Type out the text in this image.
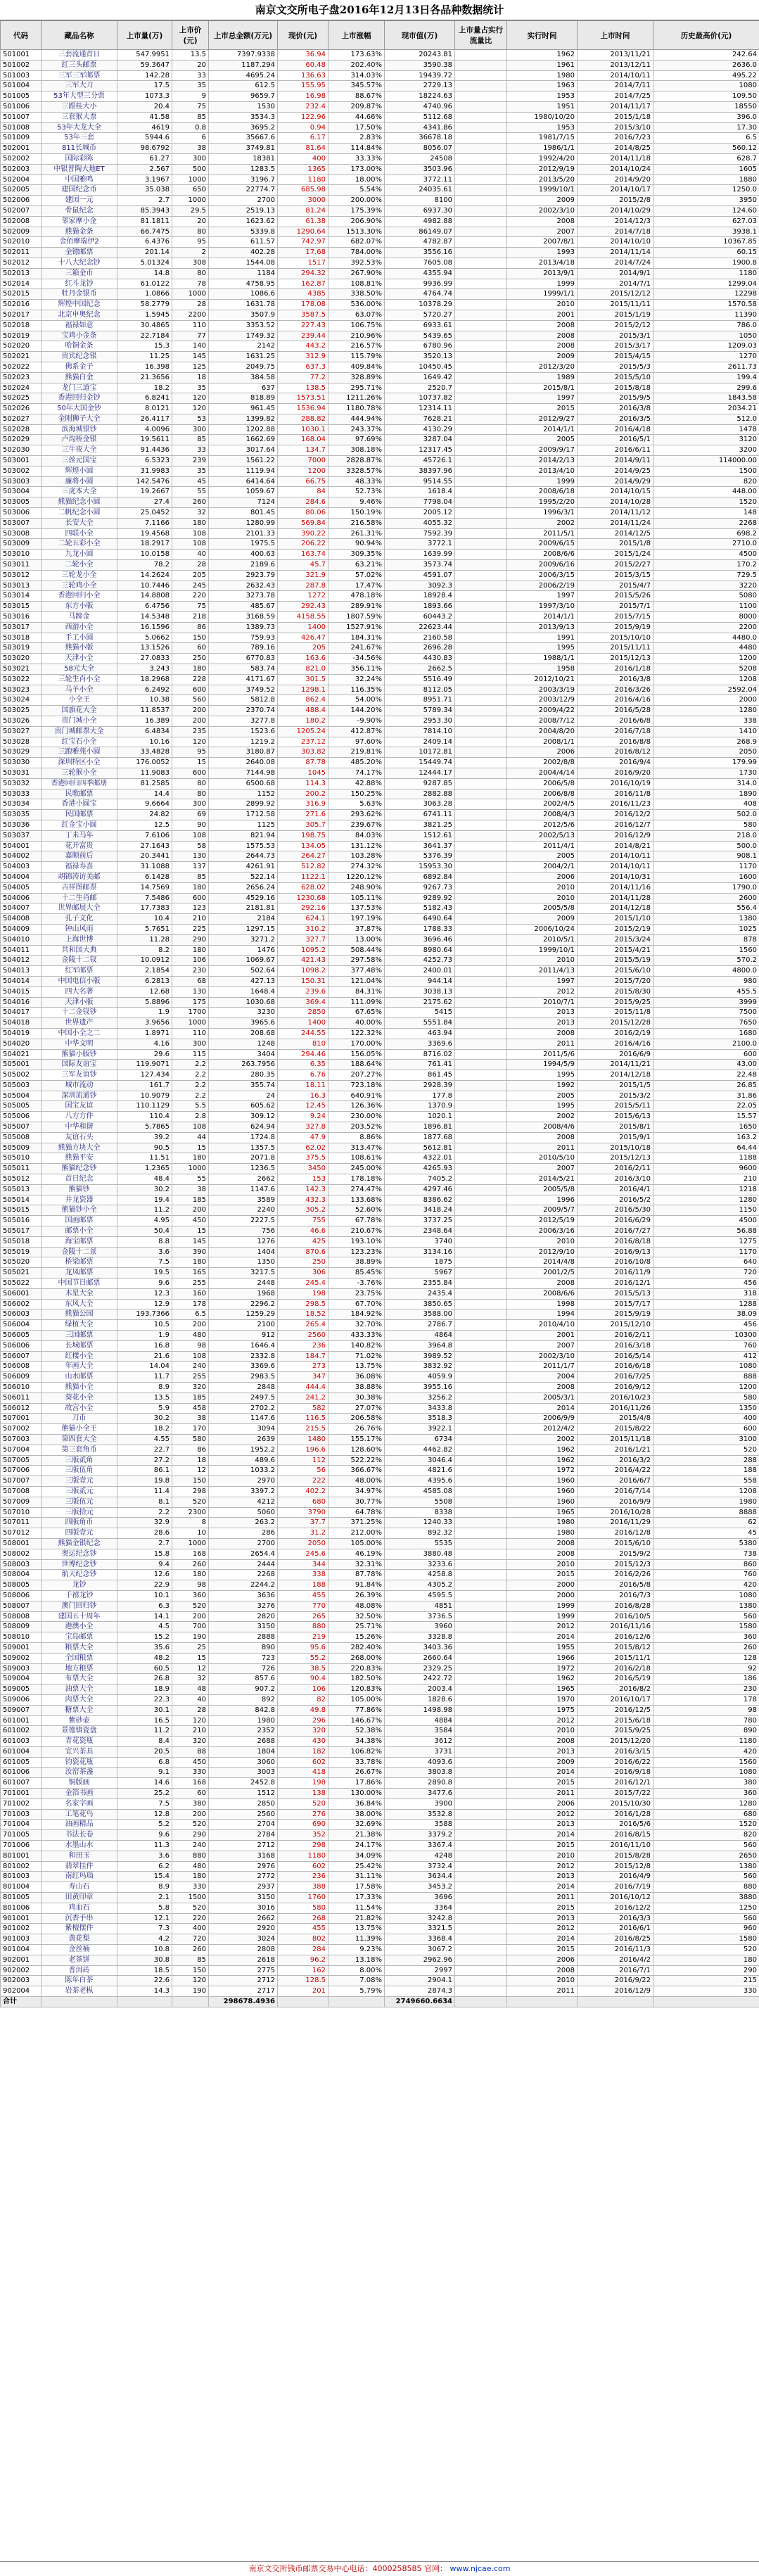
南京文交所电子盘2016年12月13日各品种数据统计
代码	藏品名称	上市量(万)	上市价(元)	上市总金额(万元)	现价(元)	上市涨幅	现市值(万)	上市量占实行流量比	实行时间	上市时间	历史最高价(元)
501001	三套流通首日	547.9951	13.5	7397.9338	36.94	173.63%	20243.81		1962	2013/11/21	242.64
501002	红三头邮票	59.3647	20	1187.294	60.48	202.40%	3590.38		1961	2013/12/11	2636.0
501003	三军三军邮票	142.28	33	4695.24	136.63	314.03%	19439.72		1980	2014/10/11	495.22
501004	三军大刀	17.5	35	612.5	155.95	345.57%	2729.13		1963	2014/7/11	1080
501005	53年大型三分票	1073.3	9	9659.7	16.98	88.67%	18224.63		1953	2014/7/25	109.50
501006	三跟桂大小	20.4	75	1530	232.4	209.87%	4740.96		1951	2014/11/17	18550
501007	三套猴大票	41.58	85	3534.3	122.96	44.66%	5112.68		1980/10/20	2015/1/18	396.0
501008	53年大龙大全	4619	0.8	3695.2	0.94	17.50%	4341.86		1953	2015/3/10	17.30
501009	53年三套	5944.6	6	35667.6	6.17	2.83%	36678.18		1981/7/15	2016/7/23	6.5
502001	811长城币	98.6792	38	3749.81	81.64	114.84%	8056.07		1986/1/1	2014/8/25	560.12
502002	国际彩陈	61.27	300	18381	400	33.33%	24508		1992/4/20	2014/11/18	628.7
502003	中银普陶大地ET	2.567	500	1283.5	1365	173.00%	3503.96		2012/9/19	2014/10/24	1605
502004	中国雅鸣	3.1967	1000	3196.7	1180	18.00%	3772.11		2013/5/20	2014/9/20	1880
502005	建国纪念币	35.038	650	22774.7	685.98	5.54%	24035.61		1999/10/1	2014/10/17	1250.0
502006	建国一元	2.7	1000	2700	3000	200.00%	8100		2009	2015/2/8	3950
502007	骨鼠纪念	85.3943	29.5	2519.13	81.24	175.39%	6937.30		2002/3/10	2014/10/29	124.60
502008	邻家摩小金	81.1811	20	1623.62	61.38	206.90%	4982.88		2008	2014/12/3	627.03
502009	熊猫金条	66.7475	80	5339.8	1290.64	1513.30%	86149.07		2007	2014/7/18	3938.1
502010	金佰摩瑞伊2	6.4376	95	611.57	742.97	682.07%	4782.87		2007/8/1	2014/10/10	10367.85
502011	金镖邮票	201.14	2	402.28	17.68	784.00%	3556.16		1993	2014/11/14	60.15
502012	十八大纪念钞	5.01324	308	1544.08	1517	392.53%	7605.08		2013/4/18	2014/7/24	1900.8
502013	三箱金币	14.8	80	1184	294.32	267.90%	4355.94		2013/9/1	2014/9/1	1180
502014	红斗龙钞	61.0122	78	4758.95	162.87	108.81%	9936.99		1999	2014/7/1	1299.04
502015	牡丹金银币	1.0866	1000	1086.6	4385	338.50%	4764.74		1999/1/1	2015/12/12	12298
502016	辉煌中国纪念	58.2779	28	1631.78	178.08	536.00%	10378.29		2010	2015/11/11	1570.58
502017	北京申奥纪念	1.5945	2200	3507.9	3587.5	63.07%	5720.27		2001	2015/1/19	11390
502018	福禄如意	30.4865	110	3353.52	227.43	106.75%	6933.61		2008	2015/2/12	786.0
502019	宝鸡小金条	22.7184	77	1749.32	239.44	210.96%	5439.65		2008	2015/3/1	1050
502020	哈铜金条	15.3	140	2142	443.2	216.57%	6780.96		2008	2015/3/17	1209.03
502021	贵宾纪念银	11.25	145	1631.25	312.9	115.79%	3520.13		2009	2015/4/15	1270
502022	佛系金子	16.398	125	2049.75	637.3	409.84%	10450.45		2012/3/20	2015/5/3	2611.73
502023	熊猫白金	21.3656	18	384.58	77.2	328.89%	1649.42		1989	2015/5/10	199.4
502024	龙门三道宝	18.2	35	637	138.5	295.71%	2520.7		2015/8/1	2015/8/18	299.6
502025	香港回归金钞	6.8241	120	818.89	1573.51	1211.26%	10737.82		1997	2015/9/5	1843.58
502026	50年大国金钞	8.0121	120	961.45	1536.94	1180.78%	12314.11		2015	2016/3/8	2034.21
502027	金刚狮子大全	26.4117	53	1399.82	288.82	444.94%	7628.21		2012/9/27	2016/3/5	512.0
502028	滨海城银钞	4.0096	300	1202.88	1030.1	243.37%	4130.29		2014/1/1	2016/4/18	1478
502029	卢沟桥金银	19.5611	85	1662.69	168.04	97.69%	3287.04		2005	2016/5/1	3120
502030	三牛夜大全	91.4436	33	3017.64	134.7	308.18%	12317.45		2009/9/17	2016/6/11	3200
503001	三丝元国宝	6.5323	239	1561.22	7000	2828.87%	45726.1		2014/2/13	2014/9/11	114000.00
503002	辉煌小圆	31.9983	35	1119.94	1200	3328.57%	38397.96		2013/4/10	2014/9/25	1500
503003	廉将小圆	142.5476	45	6414.64	66.75	48.33%	9514.55		1999	2014/9/29	820
503004	三虎本大全	19.2667	55	1059.67	84	52.73%	1618.4		2008/6/18	2014/10/15	448.00
503005	熊猫纪念小圆	27.4	260	7124	284.6	9.46%	7798.04		1995/2/20	2014/10/28	1520
503006	二帆纪念小圆	25.0452	32	801.45	80.06	150.19%	2005.12		1996/3/1	2014/11/12	148
503007	长安大全	7.1166	180	1280.99	569.84	216.58%	4055.32		2002	2014/11/24	2268
503008	四联小全	19.4568	108	2101.33	390.22	261.31%	7592.39		2011/5/1	2014/12/5	698.2
503009	二轮五彩小全	18.2917	108	1975.5	206.22	90.94%	3772.1		2009/6/15	2015/1/8	2710.0
503010	九龙小圆	10.0158	40	400.63	163.74	309.35%	1639.99		2008/6/6	2015/1/24	4500
503011	二轮小全	78.2	28	2189.6	45.7	63.21%	3573.74		2009/6/16	2015/2/27	170.2
503012	三轮龙小全	14.2624	205	2923.79	321.9	57.02%	4591.07		2006/3/15	2015/3/15	729.5
503013	三轮鸡小全	10.7446	245	2632.43	287.8	17.47%	3092.3		2006/2/19	2015/4/7	3220
503014	香港回归小全	14.8808	220	3273.78	1272	478.18%	18928.4		1997	2015/5/26	5080
503015	东方小版	6.4756	75	485.67	292.43	289.91%	1893.66		1997/3/10	2015/7/1	1100
503016	马蹄金	14.5348	218	3168.59	4158.55	1807.59%	60443.2		2014/1/1	2015/7/15	8000
503017	西游小全	16.1596	86	1389.73	1400	1527.91%	22623.44		2013/9/13	2015/9/19	2200
503018	手工小圆	5.0662	150	759.93	426.47	184.31%	2160.58		1991	2015/10/10	4480.0
503019	熊猫小版	13.1526	60	789.16	205	241.67%	2696.28		1995	2015/11/11	4480
503020	天津小全	27.0833	250	6770.83	163.6	-34.56%	4430.83		1988/1/1	2015/12/13	1200
503021	58元大全	3.243	180	583.74	821.0	356.11%	2662.5		1958	2016/1/18	5208
503022	三轮生肖小全	18.2968	228	4171.67	301.5	32.24%	5516.49		2012/10/21	2016/3/8	1208
503023	马羊小全	6.2492	600	3749.52	1298.1	116.35%	8112.05		2003/3/19	2016/3/26	2592.04
503024	小全王	10.38	560	5812.8	862.4	54.00%	8951.71		2003/12/9	2016/4/16	2000
503025	国旗花大全	11.8537	200	2370.74	488.4	144.20%	5789.34		2009/4/22	2016/5/28	1280
503026	贵门城小全	16.389	200	3277.8	180.2	-9.90%	2953.30		2008/7/12	2016/6/8	338
503027	贵门城邮票大全	6.4834	235	1523.6	1205.24	412.87%	7814.10		2004/8/20	2016/7/18	1410
503028	红宝石小全	10.16	120	1219.2	237.12	97.60%	2409.14		2008/1/1	2016/8/8	268.9
503029	三跑雅苑小圆	33.4828	95	3180.87	303.82	219.81%	10172.81		2006	2016/8/12	2050
503030	深圳特区小全	176.0052	15	2640.08	87.78	485.20%	15449.74		2002/8/8	2016/9/4	179.99
503031	三轮猴小全	11.9083	600	7144.98	1045	74.17%	12444.17		2004/4/14	2016/9/20	1730
503032	香港回归四季邮册	81.2585	80	6500.68	114.3	42.88%	9287.85		2006/5/8	2016/10/19	314.0
503033	民歌邮票	14.4	80	1152	200.2	150.25%	2882.88		2006/8/8	2016/11/8	1890
503034	香港小圆宝	9.6664	300	2899.92	316.9	5.63%	3063.28		2002/4/5	2016/11/23	408
503035	民国邮票	24.82	69	1712.58	271.6	293.62%	6741.11		2008/4/3	2016/12/2	502.0
503036	红金宝小圆	12.5	90	1125	305.7	239.67%	3821.25		2012/5/6	2016/12/7	580
503037	丁未马年	7.6106	108	821.94	198.75	84.03%	1512.61		2002/5/13	2016/12/9	218.0
504001	花开富贵	27.1643	58	1575.53	134.05	131.12%	3641.37		2011/4/1	2014/8/21	500.0
504002	嘉顺前后	20.3441	130	2644.73	264.27	103.28%	5376.39		2005	2014/10/11	908.1
504003	福禄寿喜	31.1088	137	4261.91	512.82	274.32%	15953.30		2004/2/1	2014/10/11	1170
504004	胡锦涛访美邮	6.1428	85	522.14	1122.1	1220.12%	6892.84		2006	2014/10/31	1600
504005	吉祥图邮票	14.7569	180	2656.24	628.02	248.90%	9267.73		2010	2014/11/16	1790.0
504006	十二生肖邮	7.5486	600	4529.16	1230.68	105.11%	9289.92		2010	2014/11/28	2600
504007	世界邮展大全	17.7383	123	2181.81	292.16	137.53%	5182.43		2005/5/8	2014/12/18	556.4
504008	孔子文化	10.4	210	2184	624.1	197.19%	6490.64		2009	2015/1/10	1380
504009	钟山风雨	5.7651	225	1297.15	310.2	37.87%	1788.33		2006/10/24	2015/2/19	1025
504010	上海世博	11.28	290	3271.2	327.7	13.00%	3696.46		2010/5/1	2015/3/24	878
504011	共和国大典	8.2	180	1476	1095.2	508.44%	8980.64		1999/10/1	2015/4/21	1560
504012	金陵十二钗	10.0912	106	1069.67	421.43	297.58%	4252.73		2010	2015/5/19	570.2
504013	红军邮票	2.1854	230	502.64	1098.2	377.48%	2400.01		2011/4/13	2015/6/10	4800.0
504014	中国电信小版	6.2813	68	427.13	150.31	121.04%	944.14		1997	2015/7/20	980
504015	四大名著	12.68	130	1648.4	239.6	84.31%	3038.13		2012	2015/8/30	455.5
504016	天津小版	5.8896	175	1030.68	369.4	111.09%	2175.62		2010/7/1	2015/9/25	3999
504017	十二金钗钞	1.9	1700	3230	2850	67.65%	5415		2013	2015/11/8	7500
504018	世界遗产	3.9656	1000	3965.6	1400	40.00%	5551.84		2013	2015/12/28	7650
504019	中国小全之二	1.8971	110	208.68	244.55	122.32%	463.94		2008	2016/2/19	1680
504020	中华文明	4.16	300	1248	810	170.00%	3369.6		2011	2016/4/16	2100.0
504021	熊猫小版钞	29.6	115	3404	294.46	156.05%	8716.02		2011/5/6	2016/6/9	600
505001	国际友谊宝	119.9071	2.2	263.7956	6.35	188.64%	761.41		1994/5/9	2014/11/21	43.00
505002	三军友谊钞	127.434	2.2	280.35	6.76	207.27%	861.45		1995	2014/12/18	22.48
505003	城市流动	161.7	2.2	355.74	18.11	723.18%	2928.39		1992	2015/1/5	26.85
505004	深圳流通钞	10.9079	2.2	24	16.3	640.91%	177.8		2005	2015/3/2	31.86
505005	国宝友谊	110.1129	5.5	605.62	12.45	126.36%	1370.9		1995	2015/5/11	22.05
505006	八方方件	110.4	2.8	309.12	9.24	230.00%	1020.1		2002	2015/6/13	15.57
505007	中华和谐	5.7865	108	624.94	327.8	203.52%	1896.81		2008/4/6	2015/8/1	1650
505008	友谊石头	39.2	44	1724.8	47.9	8.86%	1877.68		2008	2015/9/1	163.2
505009	熊猫方块大全	90.5	15	1357.5	62.02	313.47%	5612.81		2011	2015/10/18	64.44
505010	熊猫平安	11.51	180	2071.8	375.5	108.61%	4322.01		2010/5/10	2015/12/13	1188
505011	熊猫纪念钞	1.2365	1000	1236.5	3450	245.00%	4265.93		2007	2016/2/11	9600
505012	首日纪念	48.4	55	2662	153	178.18%	7405.2		2014/5/21	2016/3/10	210
505013	熊猫钞	30.2	38	1147.6	142.3	274.47%	4297.46		2005/5/8	2016/4/1	1218
505014	井龙瓷器	19.4	185	3589	432.3	133.68%	8386.62		1996	2016/5/2	1280
505015	熊猫钞小全	11.2	200	2240	305.2	52.60%	3418.24		2009/5/7	2016/5/30	1150
505016	国画邮票	4.95	450	2227.5	755	67.78%	3737.25		2012/5/19	2016/6/29	4500
505017	邮票小全	50.4	15	756	46.6	210.67%	2348.64		2006/3/16	2016/7/27	56.88
505018	海宝邮票	8.8	145	1276	425	193.10%	3740		2010	2016/8/18	1275
505019	金陵十二景	3.6	390	1404	870.6	123.23%	3134.16		2012/9/10	2016/9/13	1170
505020	桥梁邮票	7.5	180	1350	250	38.89%	1875		2014/4/8	2016/10/8	640
505021	龙凤邮票	19.5	165	3217.5	306	85.45%	5967		2001/2/5	2016/11/9	720
505022	中国节日邮票	9.6	255	2448	245.4	-3.76%	2355.84		2008	2016/12/1	456
506001	木星大全	12.3	160	1968	198	23.75%	2435.4		2008/6/6	2015/5/13	318
506002	东风大全	12.9	178	2296.2	298.5	67.70%	3850.65		1998	2015/7/17	1288
506003	熊猫公园	193.7366	6.5	1259.29	18.52	184.92%	3588.00		1994	2015/9/19	38.09
506004	绿植大全	10.5	200	2100	265.4	32.70%	2786.7		2010/4/10	2015/12/10	456
506005	三国邮票	1.9	480	912	2560	433.33%	4864		2001	2016/2/11	10300
506006	长城邮票	16.8	98	1646.4	236	140.82%	3964.8		2007	2016/3/18	760
506007	红楼小全	21.6	108	2332.8	184.7	71.02%	3989.52		2002/3/10	2016/5/14	412
506008	年画大全	14.04	240	3369.6	273	13.75%	3832.92		2011/1/7	2016/6/18	1080
506009	山水邮票	11.7	255	2983.5	347	36.08%	4059.9		2004	2016/7/25	888
506010	熊猫小全	8.9	320	2848	444.4	38.88%	3955.16		2008	2016/9/12	1200
506011	葵花小全	13.5	185	2497.5	241.2	30.38%	3256.2		2005/3/1	2016/10/23	580
506012	故宫小全	5.9	458	2702.2	582	27.07%	3433.8		2014	2016/11/26	1350
507001	刀币	30.2	38	1147.6	116.5	206.58%	3518.3		2006/9/9	2015/4/8	400
507002	熊猫小全王	18.2	170	3094	215.5	26.76%	3922.1		2012/4/2	2015/8/22	600
507003	第四套大全	4.55	580	2639	1480	155.17%	6734		2002	2015/11/18	3100
507004	第三套角币	22.7	86	1952.2	196.6	128.60%	4462.82		1962	2016/1/21	520
507005	三版贰角	27.2	18	489.6	112	522.22%	3046.4		1962	2016/3/2	288
507006	三版伍角	86.1	12	1033.2	56	366.67%	4821.6		1972	2016/4/22	188
507007	三版壹元	19.8	150	2970	222	48.00%	4395.6		1960	2016/6/7	558
507008	三版贰元	11.4	298	3397.2	402.2	34.97%	4585.08		1960	2016/7/14	1208
507009	三版伍元	8.1	520	4212	680	30.77%	5508		1960	2016/9/9	1980
507010	三版拾元	2.2	2300	5060	3790	64.78%	8338		1965	2016/10/28	8888
507011	四版角币	32.9	8	263.2	37.7	371.25%	1240.33		1980	2016/11/29	62
507012	四版壹元	28.6	10	286	31.2	212.00%	892.32		1980	2016/12/8	45
508001	熊猫金银纪念	2.7	1000	2700	2050	105.00%	5535		2008	2015/6/10	5380
508002	奥运纪念钞	15.8	168	2654.4	245.6	46.19%	3880.48		2008	2015/9/2	738
508003	世博纪念钞	9.4	260	2444	344	32.31%	3233.6		2010	2015/12/3	860
508004	航天纪念钞	12.6	180	2268	338	87.78%	4258.8		2015	2016/2/26	760
508005	龙钞	22.9	98	2244.2	188	91.84%	4305.2		2000	2016/5/8	420
508006	千禧龙钞	10.1	360	3636	455	26.39%	4595.5		2000	2016/7/3	1080
508007	澳门回归钞	6.3	520	3276	770	48.08%	4851		1999	2016/8/28	1380
508008	建国五十周年	14.1	200	2820	265	32.50%	3736.5		1999	2016/10/5	560
508009	港澳小全	4.5	700	3150	880	25.71%	3960		2012	2016/11/16	1580
508010	宝岛邮票	15.2	190	2888	219	15.26%	3328.8		2014	2016/12/6	360
509001	粮票大全	35.6	25	890	95.6	282.40%	3403.36		1955	2015/8/12	260
509002	全国粮票	48.2	15	723	55.2	268.00%	2660.64		1966	2015/11/1	128
509003	地方粮票	60.5	12	726	38.5	220.83%	2329.25		1972	2016/2/18	92
509004	布票大全	26.8	32	857.6	90.4	182.50%	2422.72		1962	2016/5/19	186
509005	油票大全	18.9	48	907.2	106	120.83%	2003.4		1965	2016/8/2	230
509006	肉票大全	22.3	40	892	82	105.00%	1828.6		1970	2016/10/17	178
509007	糖票大全	30.1	28	842.8	49.8	77.86%	1498.98		1975	2016/12/5	98
601001	紫砂壶	16.5	120	1980	296	146.67%	4884		2012	2015/6/18	780
601002	景德镇瓷盘	11.2	210	2352	320	52.38%	3584		2010	2015/9/25	890
601003	青花瓷瓶	8.4	320	2688	430	34.38%	3612		2008	2015/12/20	1180
601004	宜兴茶具	20.5	88	1804	182	106.82%	3731		2013	2016/3/15	420
601005	钧瓷花瓶	6.8	450	3060	602	33.78%	4093.6		2009	2016/6/22	1560
601006	汝窑茶盏	9.1	330	3003	418	26.67%	3803.8		2014	2016/9/18	1080
601007	铜版画	14.6	168	2452.8	198	17.86%	2890.8		2015	2016/12/1	380
701001	金箔书画	25.2	60	1512	138	130.00%	3477.6		2011	2015/7/22	360
701002	名家字画	7.5	380	2850	520	36.84%	3900		2006	2015/10/30	1280
701003	工笔花鸟	12.8	200	2560	276	38.00%	3532.8		2012	2016/1/28	680
701004	油画精品	5.2	520	2704	690	32.69%	3588		2013	2016/5/6	1520
701005	书法长卷	9.6	290	2784	352	21.38%	3379.2		2014	2016/8/15	820
701006	水墨山水	11.3	240	2712	298	24.17%	3367.4		2015	2016/11/10	560
801001	和田玉	3.6	880	3168	1180	34.09%	4248		2010	2015/8/28	2650
801002	翡翠挂件	6.2	480	2976	602	25.42%	3732.4		2012	2015/12/8	1380
801003	南红玛瑙	15.4	180	2772	236	31.11%	3634.4		2013	2016/4/9	560
801004	寿山石	8.9	330	2937	388	17.58%	3453.2		2014	2016/7/19	880
801005	田黄印章	2.1	1500	3150	1760	17.33%	3696		2011	2016/10/12	3880
801006	鸡血石	5.8	520	3016	580	11.54%	3364		2015	2016/12/2	1250
901001	沉香手串	12.1	220	2662	268	21.82%	3242.8		2013	2016/3/3	560
901002	紫檀摆件	7.3	400	2920	455	13.75%	3321.5		2012	2016/6/1	960
901003	黄花梨	4.2	720	3024	802	11.39%	3368.4		2014	2016/8/25	1580
901004	金丝楠	10.8	260	2808	284	9.23%	3067.2		2015	2016/11/3	520
902001	老茶饼	30.8	85	2618	96.2	13.18%	2962.96		2006	2016/4/2	180
902002	普洱砖	18.5	150	2775	162	8.00%	2997		2008	2016/7/1	290
902003	陈年白茶	22.6	120	2712	128.5	7.08%	2904.1		2010	2016/9/22	215
902004	岩茶老枞	14.3	190	2717	201	5.79%	2874.3		2011	2016/12/9	330
合计				298678.4936			2749660.6634				
南京文交所钱币邮票交易中心电话：4000258585 官网： www.njcae.com
